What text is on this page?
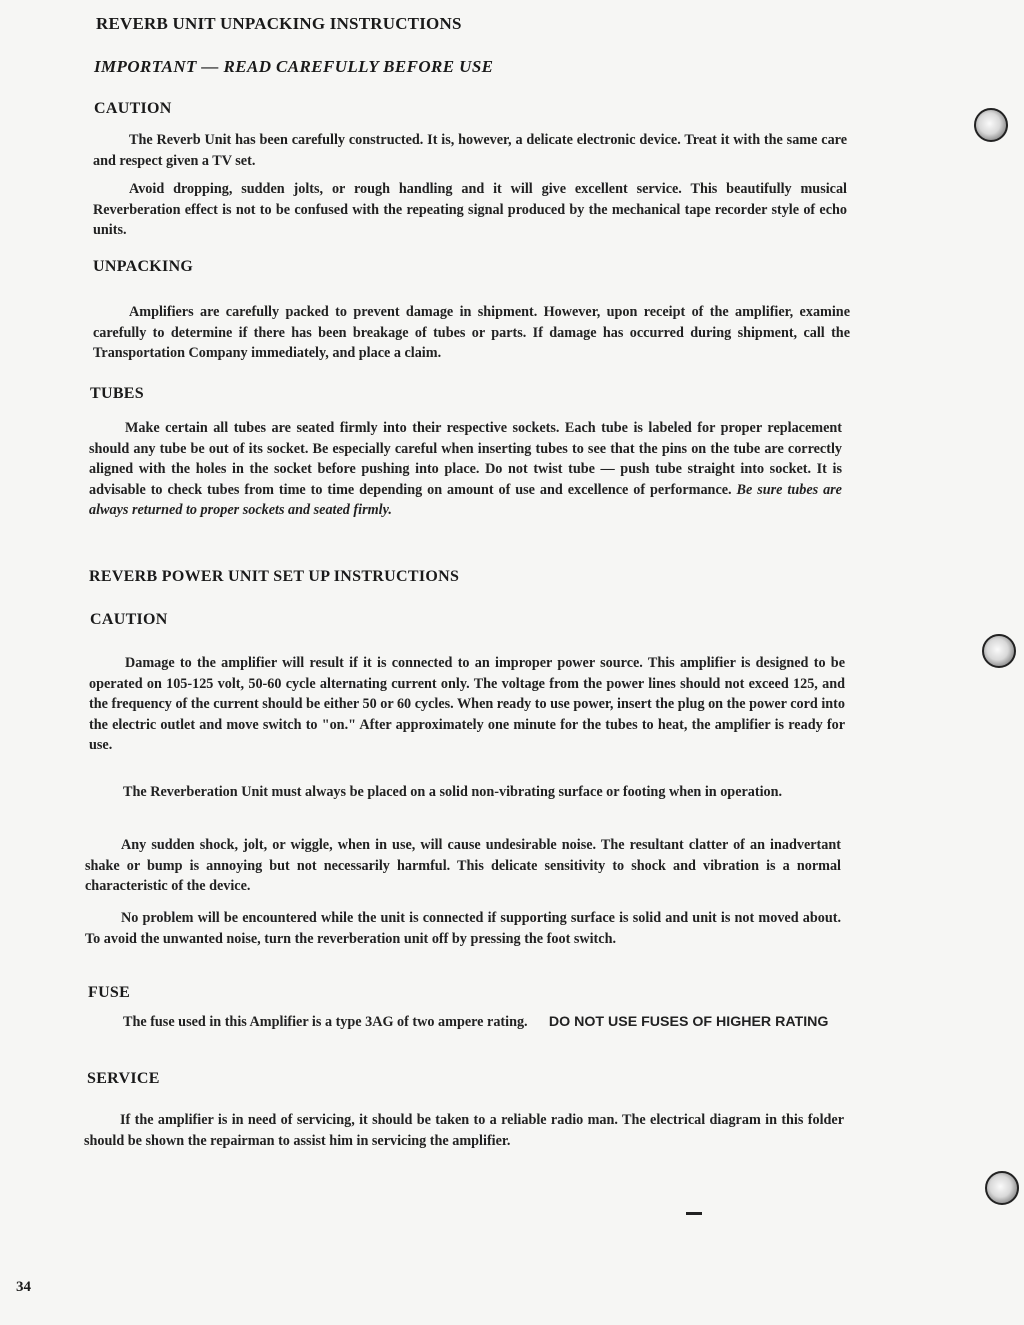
REVERB UNIT UNPACKING INSTRUCTIONS
IMPORTANT — READ CAREFULLY BEFORE USE
CAUTION

The Reverb Unit has been carefully constructed. It is, however, a delicate electronic device. Treat it with the same care and respect given a TV set.

Avoid dropping, sudden jolts, or rough handling and it will give excellent service. This beautifully musical Reverberation effect is not to be confused with the repeating signal produced by the mechanical tape recorder style of echo units.

UNPACKING

Amplifiers are carefully packed to prevent damage in shipment. However, upon receipt of the amplifier, examine carefully to determine if there has been breakage of tubes or parts. If damage has occurred during shipment, call the Transportation Company immediately, and place a claim.

TUBES

Make certain all tubes are seated firmly into their respective sockets. Each tube is labeled for proper replacement should any tube be out of its socket. Be especially careful when inserting tubes to see that the pins on the tube are correctly aligned with the holes in the socket before pushing into place. Do not twist tube — push tube straight into socket. It is advisable to check tubes from time to time depending on amount of use and excellence of performance. Be sure tubes are always returned to proper sockets and seated firmly.

REVERB POWER UNIT SET UP INSTRUCTIONS
CAUTION

Damage to the amplifier will result if it is connected to an improper power source. This amplifier is designed to be operated on 105-125 volt, 50-60 cycle alternating current only. The voltage from the power lines should not exceed 125, and the frequency of the current should be either 50 or 60 cycles. When ready to use power, insert the plug on the power cord into the electric outlet and move switch to "on." After approximately one minute for the tubes to heat, the amplifier is ready for use.

The Reverberation Unit must always be placed on a solid non-vibrating surface or footing when in operation.

Any sudden shock, jolt, or wiggle, when in use, will cause undesirable noise. The resultant clatter of an inadvertant shake or bump is annoying but not necessarily harmful. This delicate sensitivity to shock and vibration is a normal characteristic of the device.

No problem will be encountered while the unit is connected if supporting surface is solid and unit is not moved about. To avoid the unwanted noise, turn the reverberation unit off by pressing the foot switch.

FUSE

The fuse used in this Amplifier is a type 3AG of two ampere rating. DO NOT USE FUSES OF HIGHER RATING

SERVICE

If the amplifier is in need of servicing, it should be taken to a reliable radio man. The electrical diagram in this folder should be shown the repairman to assist him in servicing the amplifier.

34
